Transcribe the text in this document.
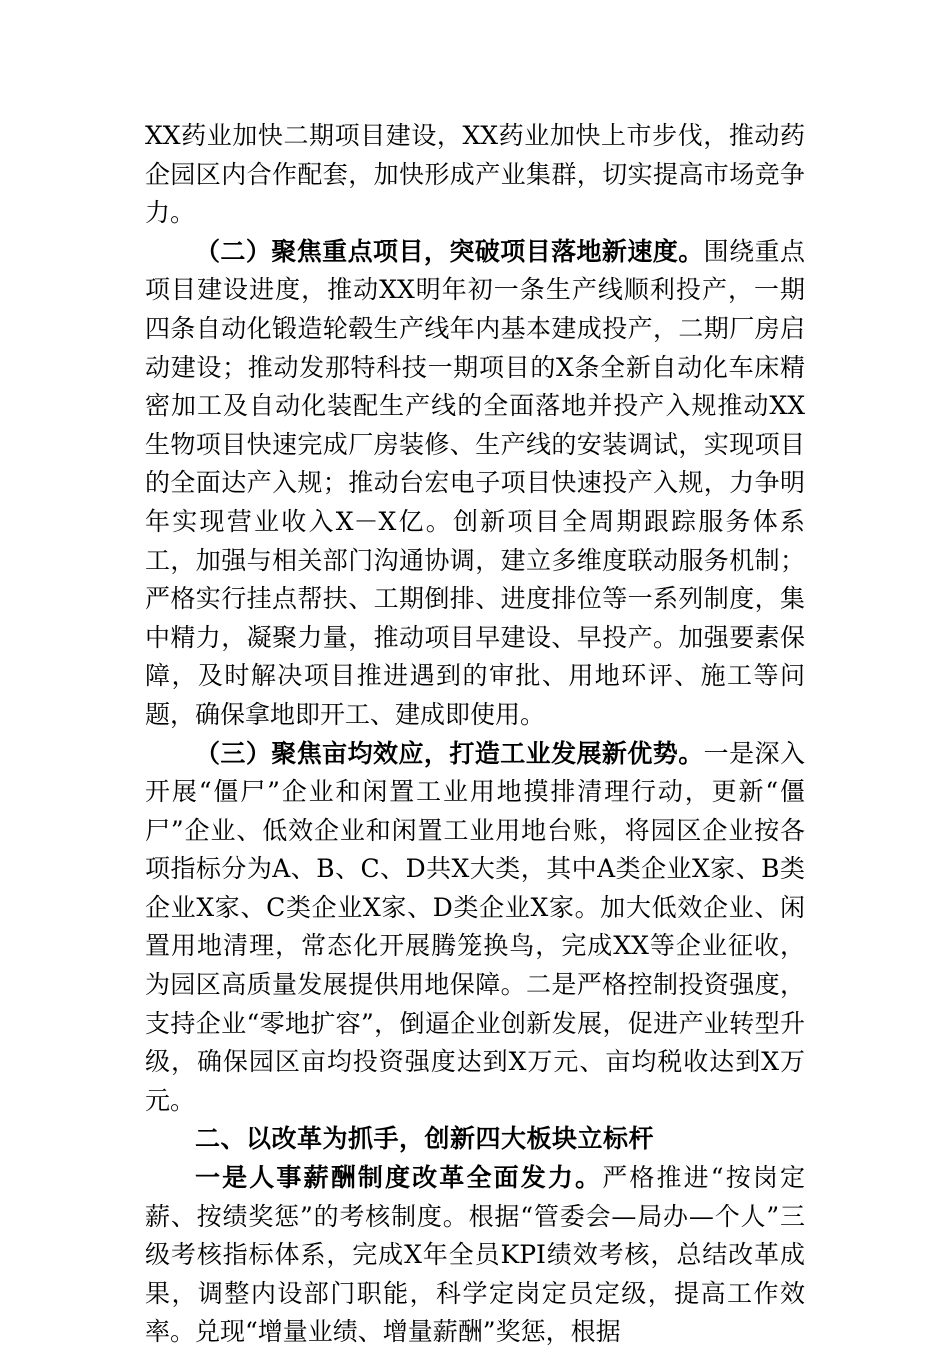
XX药业加快二期项目建设，XX药业加快上市步伐，推动药企园区内合作配套，加快形成产业集群，切实提高市场竞争力。

（二）聚焦重点项目，突破项目落地新速度。围绕重点项目建设进度，推动XX明年初一条生产线顺利投产，一期四条自动化锻造轮毂生产线年内基本建成投产，二期厂房启动建设；推动发那特科技一期项目的X条全新自动化车床精密加工及自动化装配生产线的全面落地并投产入规推动XX生物项目快速完成厂房装修、生产线的安装调试，实现项目的全面达产入规；推动台宏电子项目快速投产入规，力争明年实现营业收入X－X亿。创新项目全周期跟踪服务体系工，加强与相关部门沟通协调，建立多维度联动服务机制；严格实行挂点帮扶、工期倒排、进度排位等一系列制度，集中精力，凝聚力量，推动项目早建设、早投产。加强要素保障，及时解决项目推进遇到的审批、用地环评、施工等问题，确保拿地即开工、建成即使用。

（三）聚焦亩均效应，打造工业发展新优势。一是深入开展“僵尸”企业和闲置工业用地摸排清理行动，更新“僵尸”企业、低效企业和闲置工业用地台账，将园区企业按各项指标分为A、B、C、D共X大类，其中A类企业X家、B类企业X家、C类企业X家、D类企业X家。加大低效企业、闲置用地清理，常态化开展腾笼换鸟，完成XX等企业征收，为园区高质量发展提供用地保障。二是严格控制投资强度，支持企业“零地扩容”，倒逼企业创新发展，促进产业转型升级，确保园区亩均投资强度达到X万元、亩均税收达到X万元。

二、以改革为抓手，创新四大板块立标杆

一是人事薪酬制度改革全面发力。严格推进“按岗定薪、按绩奖惩”的考核制度。根据“管委会—局办—个人”三级考核指标体系，完成X年全员KPI绩效考核，总结改革成果，调整内设部门职能，科学定岗定员定级，提高工作效率。兑现“增量业绩、增量薪酬”奖惩，根据
